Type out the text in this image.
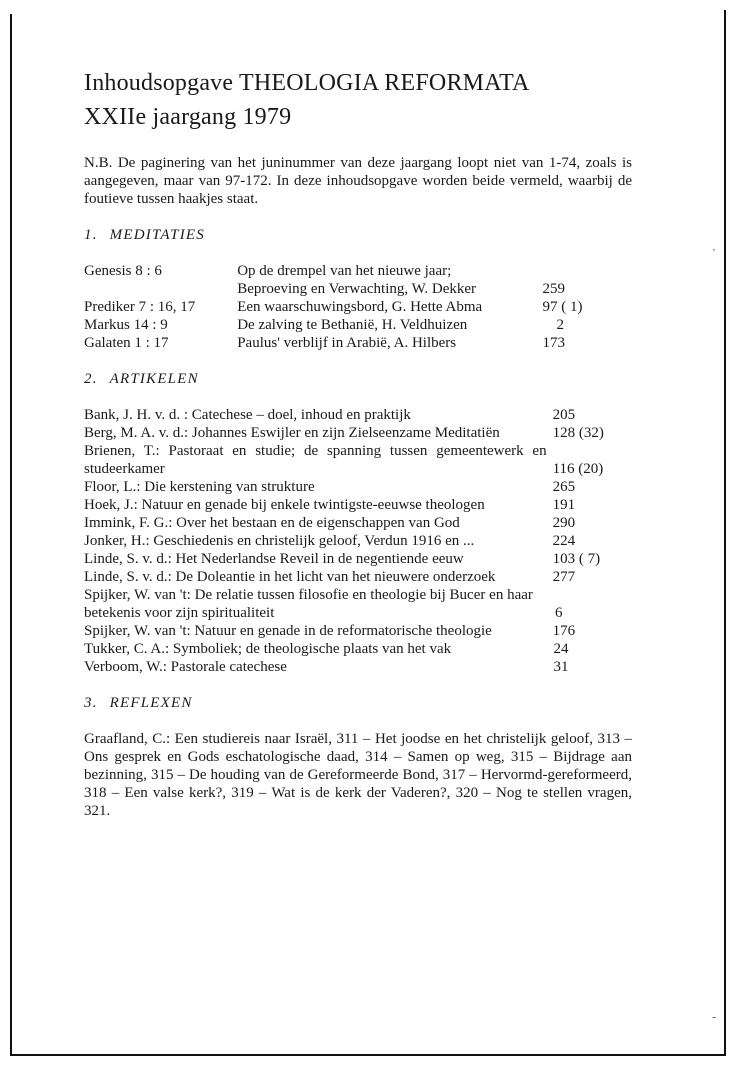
Inhoudsopgave THEOLOGIA REFORMATA
XXIIe jaargang 1979

N.B. De paginering van het juninummer van deze jaargang loopt niet van 1-74, zoals is aangegeven, maar van 97-172. In deze inhoudsopgave worden beide vermeld, waarbij de foutieve tussen haakjes staat.

1. MEDITATIES
Genesis 8 : 6	Op de drempel van het nieuwe jaar;	
	Beproeving en Verwachting, W. Dekker	259
Prediker 7 : 16, 17	Een waarschuwingsbord, G. Hette Abma	97 ( 1)
Markus 14 : 9	De zalving te Bethanië, H. Veldhuizen	2
Galaten 1 : 17	Paulus' verblijf in Arabië, A. Hilbers	173
2. ARTIKELEN
Bank, J. H. v. d. : Catechese – doel, inhoud en praktijk	205
Berg, M. A. v. d.: Johannes Eswijler en zijn Zielseenzame Meditatiën	128 (32)
Brienen, T.: Pastoraat en studie; de spanning tussen gemeentewerk en studeerkamer	116 (20)
Floor, L.: Die kerstening van strukture	265
Hoek, J.: Natuur en genade bij enkele twintigste-eeuwse theologen	191
Immink, F. G.: Over het bestaan en de eigenschappen van God	290
Jonker, H.: Geschiedenis en christelijk geloof, Verdun 1916 en ...	224
Linde, S. v. d.: Het Nederlandse Reveil in de negentiende eeuw	103 ( 7)
Linde, S. v. d.: De Doleantie in het licht van het nieuwere onderzoek	277
Spijker, W. van 't: De relatie tussen filosofie en theologie bij Bucer en haar betekenis voor zijn spiritualiteit	6
Spijker, W. van 't: Natuur en genade in de reformatorische theologie	176
Tukker, C. A.: Symboliek; de theologische plaats van het vak	24
Verboom, W.: Pastorale catechese	31
3. REFLEXEN

Graafland, C.: Een studiereis naar Israël, 311 – Het joodse en het christelijk geloof, 313 – Ons gesprek en Gods eschatologische daad, 314 – Samen op weg, 315 – Bijdrage aan bezinning, 315 – De houding van de Gereformeerde Bond, 317 – Hervormd-gereformeerd, 318 – Een valse kerk?, 319 – Wat is de kerk der Vaderen?, 320 – Nog te stellen vragen, 321.

·
-
